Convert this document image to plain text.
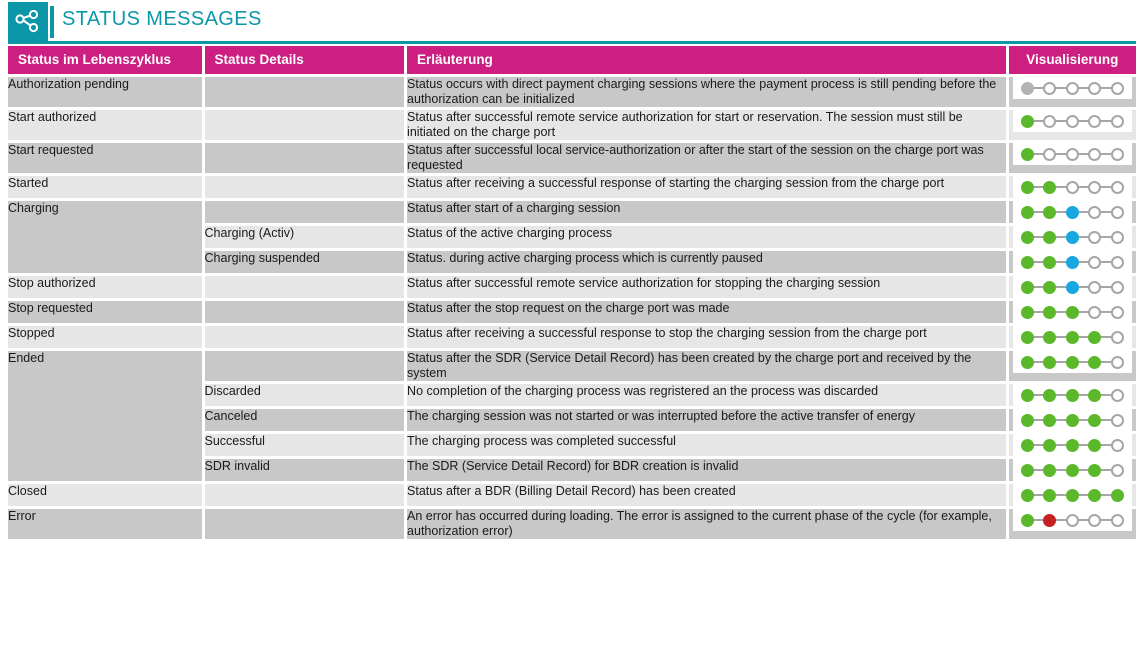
STATUS MESSAGES
Status im Lebenszyklus	Status Details	Erläuterung	Visualisierung

Authorization pending		Status occurs with direct payment charging sessions where the payment process is still pending before the authorization can be initialized	

Start authorized		Status after successful remote service authorization for start or reservation. The session must still be initiated on the charge port	

Start requested		Status after successful local service-authorization or after the start of the session on the charge port was requested	

Started		Status after receiving a successful response of starting the charging session from the charge port	

Charging		Status after start of a charging session	

	Charging (Activ)	Status of the active charging process	

	Charging suspended	Status. during active charging process which is currently paused	

Stop authorized		Status after successful remote service authorization for stopping the charging session	

Stop requested		Status after the stop request on the charge port was made	

Stopped		Status after receiving a successful response to stop the charging session from the charge port	

Ended		Status after the SDR (Service Detail Record) has been created by the charge port and received by the system	

	Discarded	No completion of the charging process was regristered an the process was discarded	

	Canceled	The charging session was not started or was interrupted before the active transfer of energy	

	Successful	The charging process was completed successful	

	SDR invalid	The SDR (Service Detail Record) for BDR creation is invalid	

Closed		Status after a BDR (Billing Detail Record) has been created	

Error		An error has occurred during loading. The error is assigned to the current phase of the cycle (for example, authorization error)	
